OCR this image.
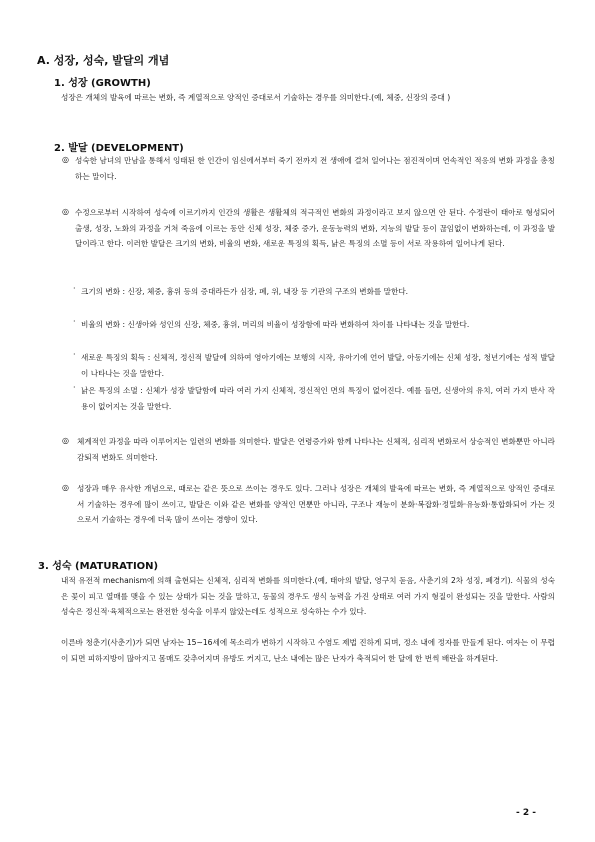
A. 성장, 성숙, 발달의 개념
1. 성장 (GROWTH)
성장은 개체의 발육에 따르는 변화, 즉 계열적으로 양적인 증대로서 기술하는 경우를 의미한다.(예, 체중, 신장의 증대 )
2. 발달 (DEVELOPMENT)
◎ 성숙한 남녀의 만남을 통해서 잉태된 한 인간이 임신에서부터 죽기 전까지 전 생애에 걸쳐 일어나는 점진적이며 연속적인 적응의 변화 과정을 총칭하는 말이다.
◎ 수정으로부터 시작하여 성숙에 이르기까지 인간의 생활은 생활체의 적극적인 변화의 과정이라고 보지 않으면 안 된다. 수정란이 태아로 형성되어 출생, 성장, 노화의 과정을 거쳐 죽음에 이르는 동안 신체 성장, 체중 증가, 운동능력의 변화, 지능의 발달 등이 끊임없이 변화하는데, 이 과정을 발달이라고 한다. 이러한 발달은 크기의 변화, 비율의 변화, 새로운 특징의 획득, 낡은 특징의 소멸 등이 서로 작용하여 일어나게 된다.
· 크기의 변화 : 신장, 체중, 흉위 등의 증대라든가 심장, 폐, 위, 내장 등 기관의 구조의 변화를 말한다.
· 비율의 변화 : 신생아와 성인의 신장, 체중, 흉위, 머리의 비율이 성장함에 따라 변화하여 차이를 나타내는 것을 말한다.
· 새로운 특징의 획득 : 신체적, 정신적 발달에 의하여 영아기에는 보행의 시작, 유아기에 언어 발달, 아동기에는 신체 성장, 청년기에는 성적 발달이 나타나는 것을 말한다.
· 낡은 특징의 소멸 : 신체가 성장 발달함에 따라 여러 가지 신체적, 정신적인 면의 특징이 없어진다. 예를 들면, 신생아의 유치, 여러 가지 반사 작용이 없어지는 것을 말한다.
◎ 체계적인 과정을 따라 이루어지는 일련의 변화를 의미한다. 발달은 연령증가와 함께 나타나는 신체적, 심리적 변화로서 상승적인 변화뿐만 아니라 감퇴적 변화도 의미한다.
◎ 성장과 매우 유사한 개념으로, 때로는 같은 뜻으로 쓰이는 경우도 있다. 그러나 성장은 개체의 발육에 따르는 변화, 즉 계열적으로 양적인 증대로서 기술하는 경우에 많이 쓰이고, 발달은 이와 같은 변화를 양적인 면뿐만 아니라, 구조나 재능이 분화·복잡화·정밀화·유능화·통합화되어 가는 것으로서 기술하는 경우에 더욱 많이 쓰이는 경향이 있다.
3. 성숙 (MATURATION)
내적 유전적 mechanism에 의해 출현되는 신체적, 심리적 변화를 의미한다.(예, 태아의 발달, 영구치 돋음, 사춘기의 2차 성징, 폐경기). 식물의 성숙은 꽃이 피고 열매를 맺을 수 있는 상태가 되는 것을 말하고, 동물의 경우도 생식 능력을 가진 상태로 여러 가지 형질이 완성되는 것을 말한다. 사람의 성숙은 정신적·육체적으로는 완전한 성숙을 이루지 않았는데도 성적으로 성숙하는 수가 있다.
이른바 청춘기(사춘기)가 되면 남자는 15~16세에 목소리가 변하기 시작하고 수염도 제법 진하게 되며, 정소 내에 정자를 만들게 된다. 여자는 이 무렵이 되면 피하지방이 많아지고 몸매도 갖추어지며 유방도 커지고, 난소 내에는 많은 난자가 축적되어 한 달에 한 번씩 배란을 하게된다.
- 2 -
